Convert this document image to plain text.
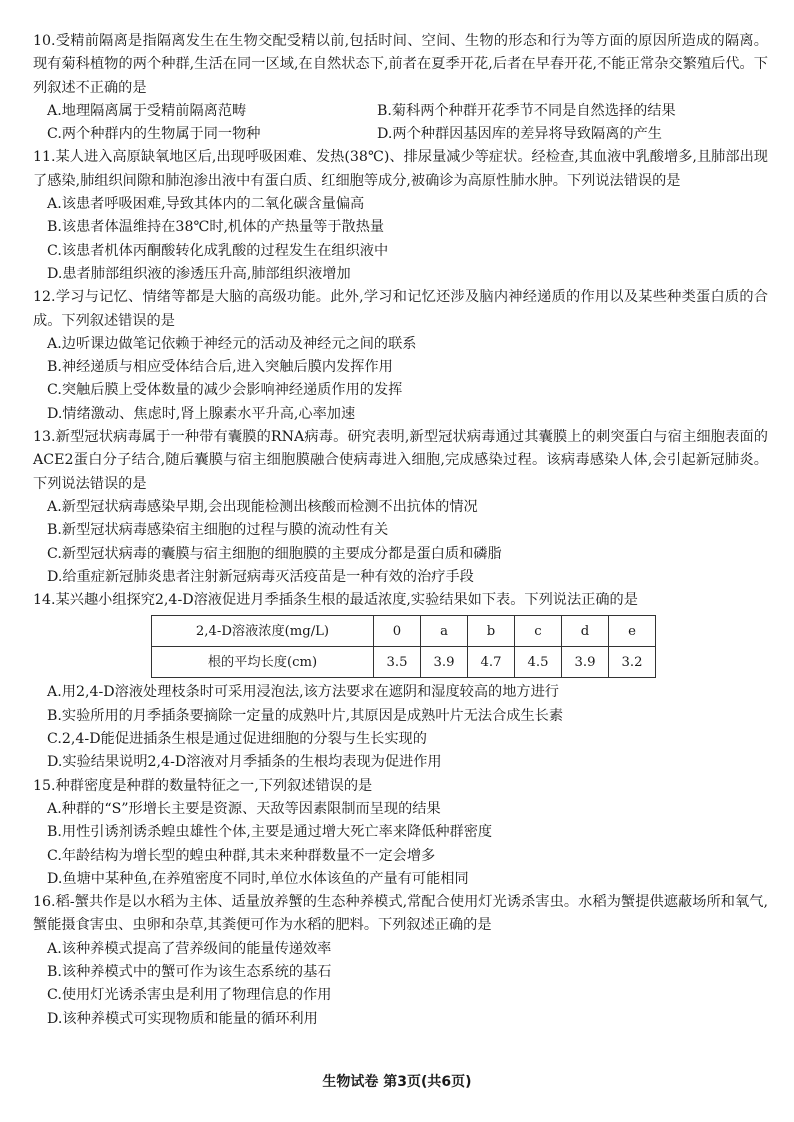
10.受精前隔离是指隔离发生在生物交配受精以前,包括时间、空间、生物的形态和行为等方面的原因所造成的隔离。现有菊科植物的两个种群,生活在同一区域,在自然状态下,前者在夏季开花,后者在早春开花,不能正常杂交繁殖后代。下列叙述不正确的是

A.地理隔离属于受精前隔离范畴	B.菊科两个种群开花季节不同是自然选择的结果

C.两个种群内的生物属于同一物种	D.两个种群因基因库的差异将导致隔离的产生

11.某人进入高原缺氧地区后,出现呼吸困难、发热(38℃)、排尿量减少等症状。经检查,其血液中乳酸增多,且肺部出现了感染,肺组织间隙和肺泡渗出液中有蛋白质、红细胞等成分,被确诊为高原性肺水肿。下列说法错误的是

A.该患者呼吸困难,导致其体内的二氧化碳含量偏高

B.该患者体温维持在38℃时,机体的产热量等于散热量

C.该患者机体丙酮酸转化成乳酸的过程发生在组织液中

D.患者肺部组织液的渗透压升高,肺部组织液增加

12.学习与记忆、情绪等都是大脑的高级功能。此外,学习和记忆还涉及脑内神经递质的作用以及某些种类蛋白质的合成。下列叙述错误的是

A.边听课边做笔记依赖于神经元的活动及神经元之间的联系

B.神经递质与相应受体结合后,进入突触后膜内发挥作用

C.突触后膜上受体数量的减少会影响神经递质作用的发挥

D.情绪激动、焦虑时,肾上腺素水平升高,心率加速

13.新型冠状病毒属于一种带有囊膜的RNA病毒。研究表明,新型冠状病毒通过其囊膜上的刺突蛋白与宿主细胞表面的ACE2蛋白分子结合,随后囊膜与宿主细胞膜融合使病毒进入细胞,完成感染过程。该病毒感染人体,会引起新冠肺炎。下列说法错误的是

A.新型冠状病毒感染早期,会出现能检测出核酸而检测不出抗体的情况

B.新型冠状病毒感染宿主细胞的过程与膜的流动性有关

C.新型冠状病毒的囊膜与宿主细胞的细胞膜的主要成分都是蛋白质和磷脂

D.给重症新冠肺炎患者注射新冠病毒灭活疫苗是一种有效的治疗手段

14.某兴趣小组探究2,4-D溶液促进月季插条生根的最适浓度,实验结果如下表。下列说法正确的是

2,4-D溶液浓度(mg/L)	0	a	b	c	d	e
根的平均长度(cm)	3.5	3.9	4.7	4.5	3.9	3.2

A.用2,4-D溶液处理枝条时可采用浸泡法,该方法要求在遮阴和湿度较高的地方进行

B.实验所用的月季插条要摘除一定量的成熟叶片,其原因是成熟叶片无法合成生长素

C.2,4-D能促进插条生根是通过促进细胞的分裂与生长实现的

D.实验结果说明2,4-D溶液对月季插条的生根均表现为促进作用

15.种群密度是种群的数量特征之一,下列叙述错误的是

A.种群的“S”形增长主要是资源、天敌等因素限制而呈现的结果

B.用性引诱剂诱杀蝗虫雄性个体,主要是通过增大死亡率来降低种群密度

C.年龄结构为增长型的蝗虫种群,其未来种群数量不一定会增多

D.鱼塘中某种鱼,在养殖密度不同时,单位水体该鱼的产量有可能相同

16.稻-蟹共作是以水稻为主体、适量放养蟹的生态种养模式,常配合使用灯光诱杀害虫。水稻为蟹提供遮蔽场所和氧气,蟹能摄食害虫、虫卵和杂草,其粪便可作为水稻的肥料。下列叙述正确的是

A.该种养模式提高了营养级间的能量传递效率

B.该种养模式中的蟹可作为该生态系统的基石

C.使用灯光诱杀害虫是利用了物理信息的作用

D.该种养模式可实现物质和能量的循环利用

生物试卷 第3页(共6页)
